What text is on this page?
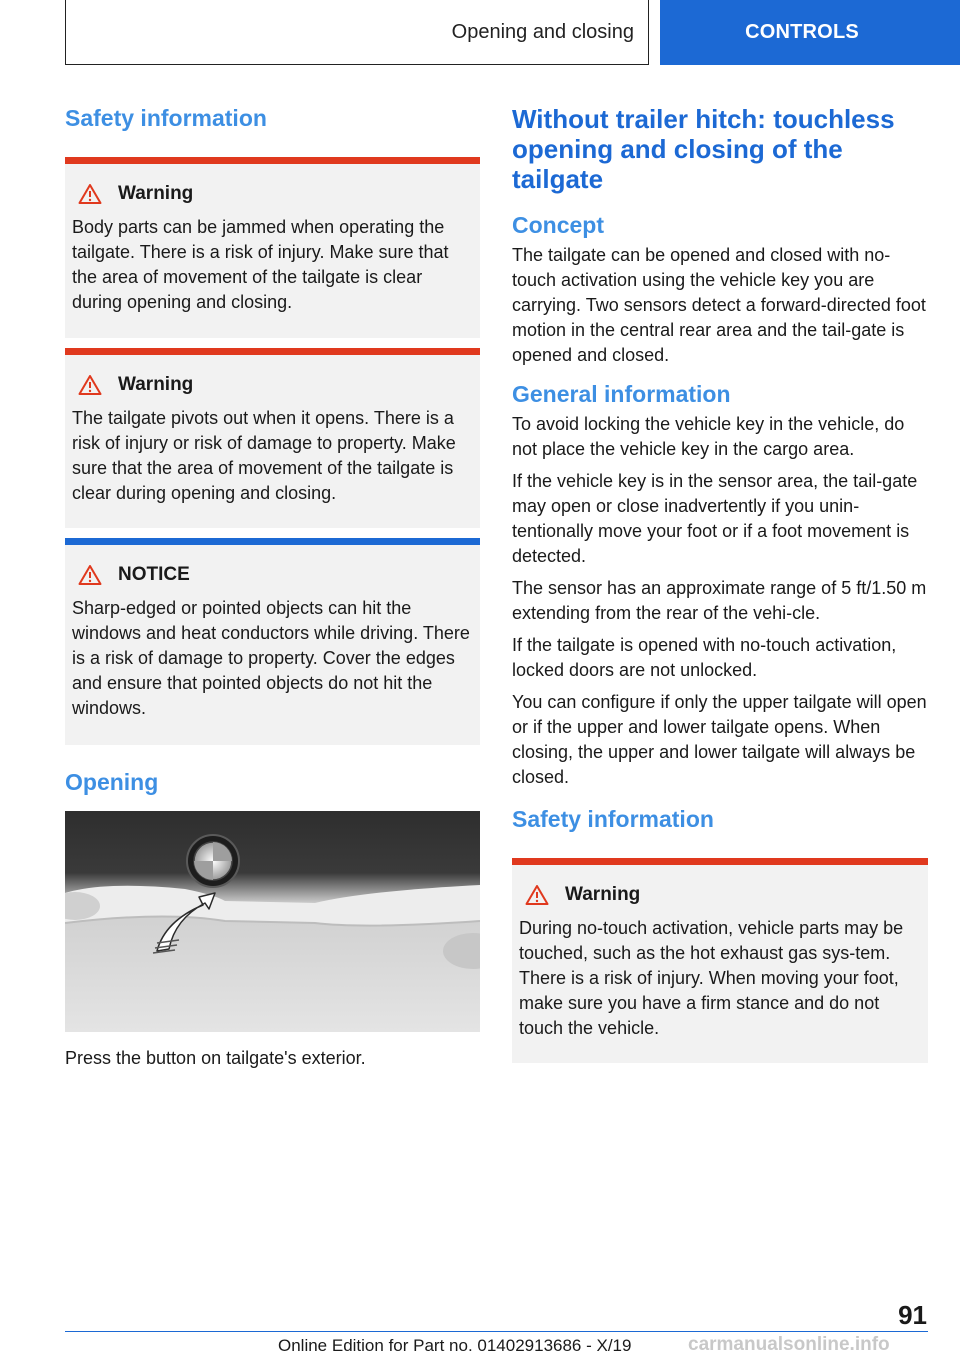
Opening and closing	CONTROLS
Safety information
Warning

Body parts can be jammed when operating the tailgate. There is a risk of injury. Make sure that the area of movement of the tailgate is clear during opening and closing.

Warning

The tailgate pivots out when it opens. There is a risk of injury or risk of damage to property. Make sure that the area of movement of the tailgate is clear during opening and closing.

NOTICE

Sharp-edged or pointed objects can hit the windows and heat conductors while driving. There is a risk of damage to property. Cover the edges and ensure that pointed objects do not hit the windows.

Opening

Press the button on tailgate's exterior.

Without trailer hitch: touchless opening and closing of the tailgate
Concept

The tailgate can be opened and closed with no-touch activation using the vehicle key you are carrying. Two sensors detect a forward-directed foot motion in the central rear area and the tail-gate is opened and closed.

General information

To avoid locking the vehicle key in the vehicle, do not place the vehicle key in the cargo area.

If the vehicle key is in the sensor area, the tail-gate may open or close inadvertently if you unin-tentionally move your foot or if a foot movement is detected.

The sensor has an approximate range of 5 ft/1.50 m extending from the rear of the vehi-cle.

If the tailgate is opened with no-touch activation, locked doors are not unlocked.

You can configure if only the upper tailgate will open or if the upper and lower tailgate opens. When closing, the upper and lower tailgate will always be closed.

Safety information
Warning

During no-touch activation, vehicle parts may be touched, such as the hot exhaust gas sys-tem. There is a risk of injury. When moving your foot, make sure you have a firm stance and do not touch the vehicle.

91
Online Edition for Part no. 01402913686 - X/19	carmanualsonline.info
